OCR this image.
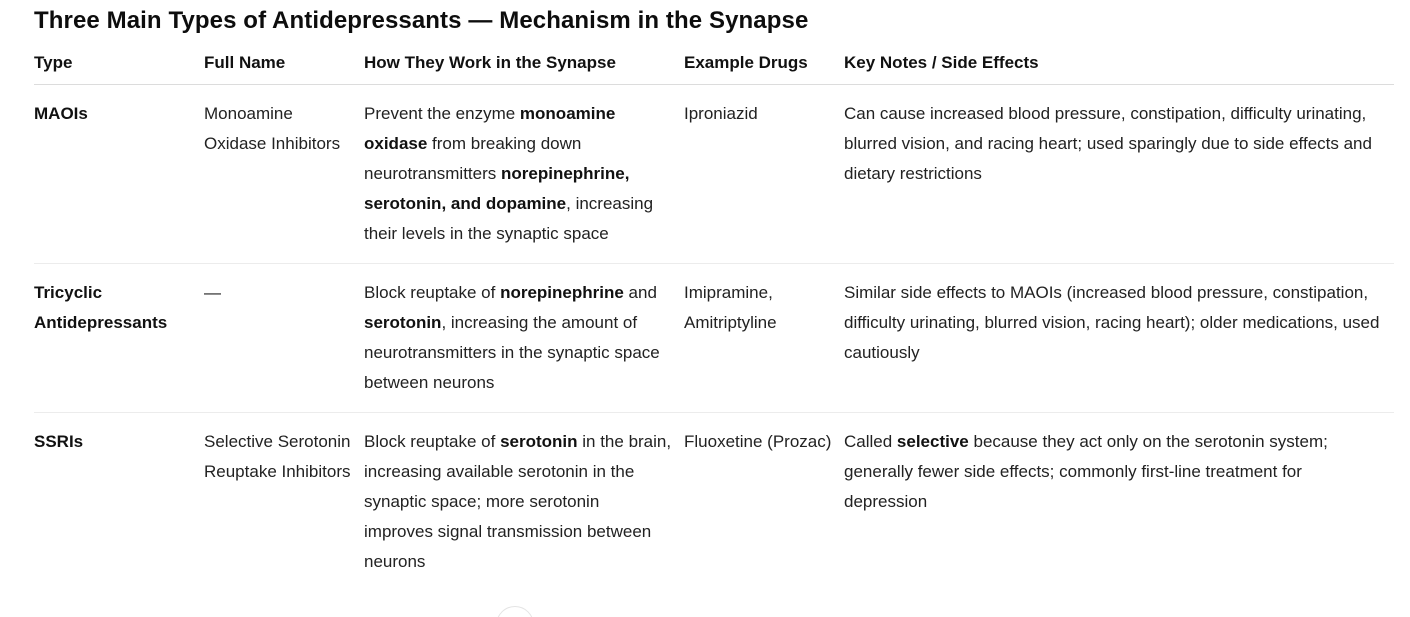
Three Main Types of Antidepressants — Mechanism in the Synapse
Type	Full Name	How They Work in the Synapse	Example Drugs	Key Notes / Side Effects
MAOIs	Monoamine Oxidase Inhibitors	Prevent the enzyme monoamine oxidase from breaking down neurotransmitters norepinephrine, serotonin, and dopamine, increasing their levels in the synaptic space	Iproniazid	Can cause increased blood pressure, constipation, difficulty urinating, blurred vision, and racing heart; used sparingly due to side effects and dietary restrictions
Tricyclic Antidepressants	—	Block reuptake of norepinephrine and serotonin, increasing the amount of neurotransmitters in the synaptic space between neurons	Imipramine, Amitriptyline	Similar side effects to MAOIs (increased blood pressure, constipation, difficulty urinating, blurred vision, racing heart); older medications, used cautiously
SSRIs	Selective Serotonin Reuptake Inhibitors	Block reuptake of serotonin in the brain, increasing available serotonin in the synaptic space; more serotonin improves signal transmission between neurons	Fluoxetine (Prozac)	Called selective because they act only on the serotonin system; generally fewer side effects; commonly first-line treatment for depression
